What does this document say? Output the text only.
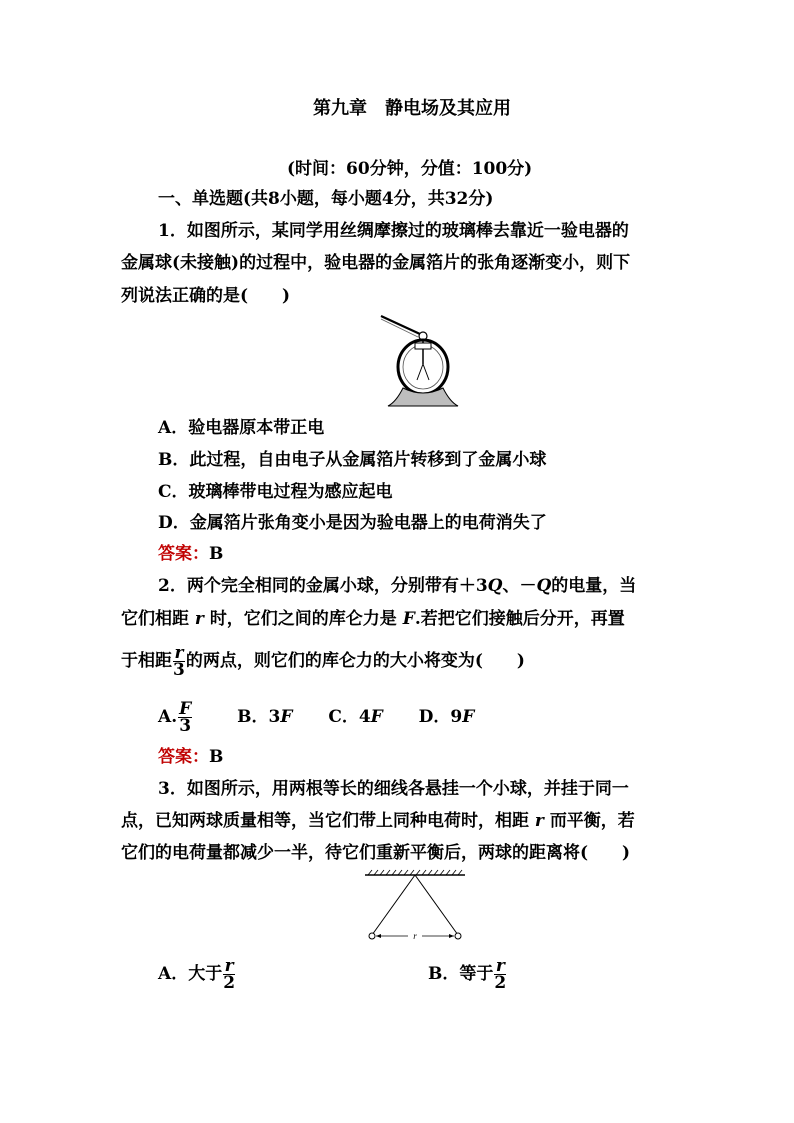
第九章　静电场及其应用
(时间：60分钟，分值：100分)
一、单选题(共8小题，每小题4分，共32分)
1．如图所示，某同学用丝绸摩擦过的玻璃棒去靠近一验电器的
金属球(未接触)的过程中，验电器的金属箔片的张角逐渐变小，则下
列说法正确的是(　　)
A．验电器原本带正电
B．此过程，自由电子从金属箔片转移到了金属小球
C．玻璃棒带电过程为感应起电
D．金属箔片张角变小是因为验电器上的电荷消失了
答案：B
2．两个完全相同的金属小球，分别带有＋3Q、－Q的电量，当
它们相距 r 时，它们之间的库仑力是 F.若把它们接触后分开，再置
于相距 $\frac{r}{3}$ 的两点，则它们的库仑力的大小将变为(　　)
A. $\frac{F}{3}$	B．3F C．4F D．9F
答案：B
3．如图所示，用两根等长的细线各悬挂一个小球，并挂于同一
点，已知两球质量相等，当它们带上同种电荷时，相距 r 而平衡，若
它们的电荷量都减少一半，待它们重新平衡后，两球的距离将(　　)
r
A．大于 $\frac{r}{2}$	B．等于 $\frac{r}{2}$
